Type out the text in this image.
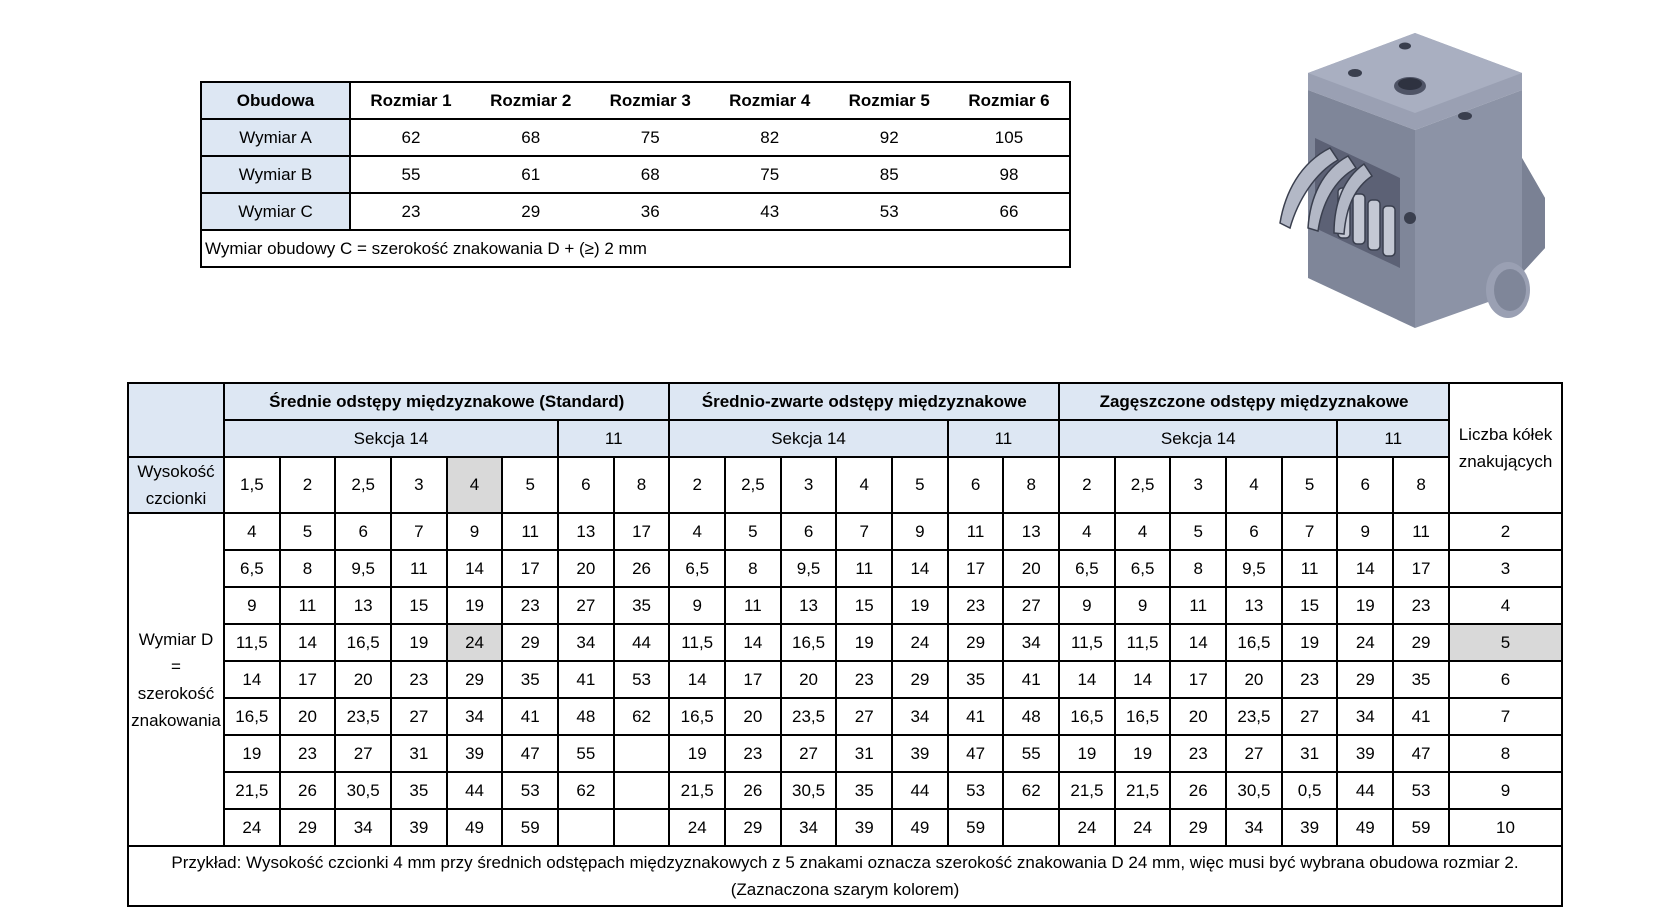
Obudowa	Rozmiar 1	Rozmiar 2	Rozmiar 3	Rozmiar 4	Rozmiar 5	Rozmiar 6
Wymiar A	62	68	75	82	92	105
Wymiar B	55	61	68	75	85	98
Wymiar C	23	29	36	43	53	66
Wymiar obudowy C = szerokość znakowania D + (≥) 2 mm						
	Średnie odstępy międzyznakowe (Standard)								Średnio-zwarte odstępy międzyznakowe							Zagęszczone odstępy międzyznakowe							Liczba kółek znakujących
	Sekcja 14						11		Sekcja 14					11		Sekcja 14					11		
Wysokość
czcionki	1,5	2	2,5	3	4	5	6	8	2	2,5	3	4	5	6	8	2	2,5	3	4	5	6	8	
Wymiar D
=
szerokość
znakowania	4	5	6	7	9	11	13	17	4	5	6	7	9	11	13	4	4	5	6	7	9	11	2
	6,5	8	9,5	11	14	17	20	26	6,5	8	9,5	11	14	17	20	6,5	6,5	8	9,5	11	14	17	3
	9	11	13	15	19	23	27	35	9	11	13	15	19	23	27	9	9	11	13	15	19	23	4
	11,5	14	16,5	19	24	29	34	44	11,5	14	16,5	19	24	29	34	11,5	11,5	14	16,5	19	24	29	5
	14	17	20	23	29	35	41	53	14	17	20	23	29	35	41	14	14	17	20	23	29	35	6
	16,5	20	23,5	27	34	41	48	62	16,5	20	23,5	27	34	41	48	16,5	16,5	20	23,5	27	34	41	7
	19	23	27	31	39	47	55		19	23	27	31	39	47	55	19	19	23	27	31	39	47	8
	21,5	26	30,5	35	44	53	62		21,5	26	30,5	35	44	53	62	21,5	21,5	26	30,5	0,5	44	53	9
	24	29	34	39	49	59			24	29	34	39	49	59		24	24	29	34	39	49	59	10
Przykład: Wysokość czcionki 4 mm przy średnich odstępach międzyznakowych z 5 znakami oznacza szerokość znakowania D 24 mm, więc musi być wybrana obudowa rozmiar 2.
(Zaznaczona szarym kolorem)																							
